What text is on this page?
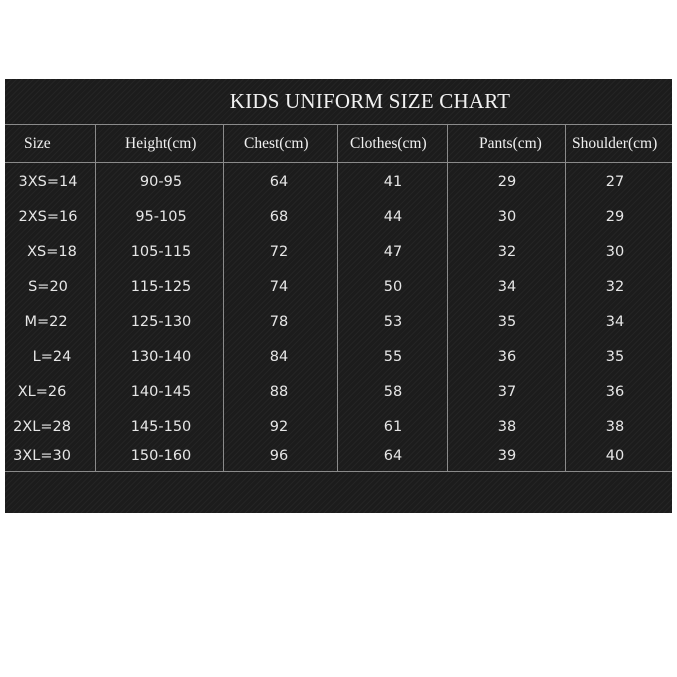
KIDS UNIFORM SIZE CHART
Size	Height(cm)	Chest(cm)	Clothes(cm)	Pants(cm) Shoulder(cm)
3XS=14	90-95	64	41	29	27
2XS=16	95-105	68	44	30	29
XS=18	105-115	72	47	32	30
S=20	115-125	74	50	34	32
M=22	125-130	78	53	35	34
L=24	130-140	84	55	36	35
XL=26	140-145	88	58	37	36
2XL=28	145-150	92	61	38	38
3XL=30	150-160	96	64	39	40
